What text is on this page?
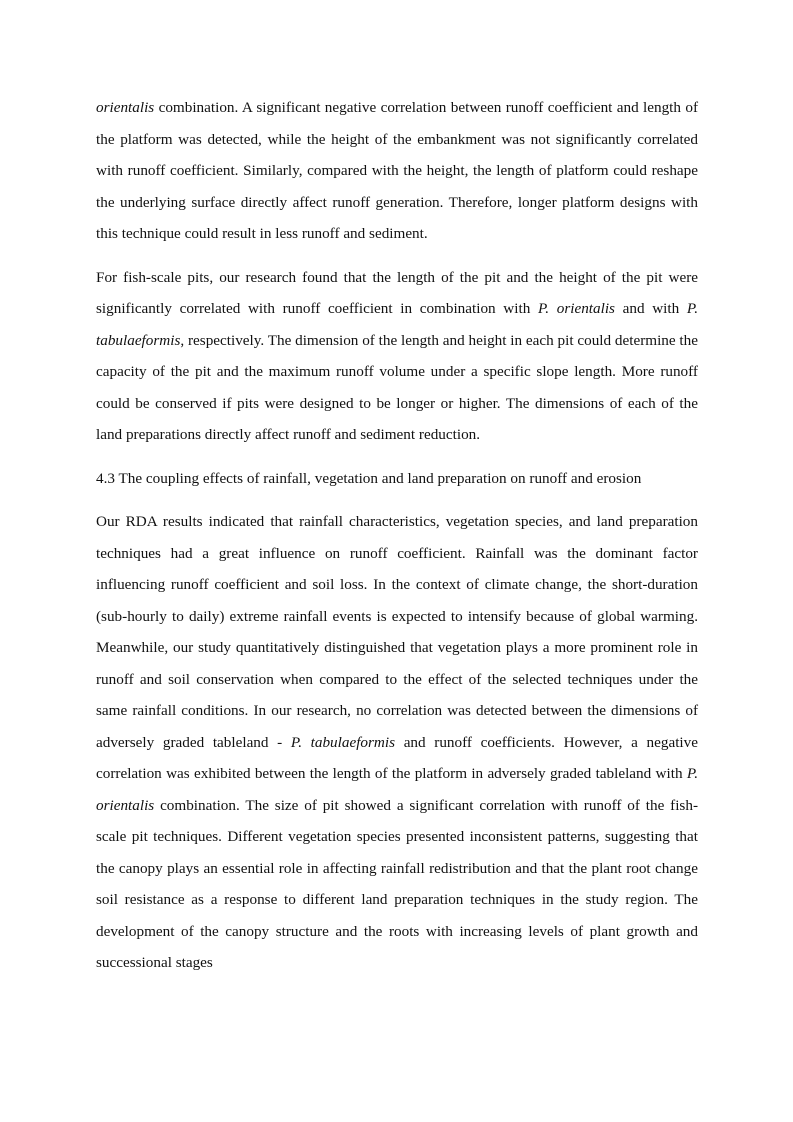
orientalis combination. A significant negative correlation between runoff coefficient and length of the platform was detected, while the height of the embankment was not significantly correlated with runoff coefficient. Similarly, compared with the height, the length of platform could reshape the underlying surface directly affect runoff generation. Therefore, longer platform designs with this technique could result in less runoff and sediment.

For fish-scale pits, our research found that the length of the pit and the height of the pit were significantly correlated with runoff coefficient in combination with P. orientalis and with P. tabulaeformis, respectively. The dimension of the length and height in each pit could determine the capacity of the pit and the maximum runoff volume under a specific slope length. More runoff could be conserved if pits were designed to be longer or higher. The dimensions of each of the land preparations directly affect runoff and sediment reduction.

4.3 The coupling effects of rainfall, vegetation and land preparation on runoff and erosion

Our RDA results indicated that rainfall characteristics, vegetation species, and land preparation techniques had a great influence on runoff coefficient. Rainfall was the dominant factor influencing runoff coefficient and soil loss. In the context of climate change, the short-duration (sub-hourly to daily) extreme rainfall events is expected to intensify because of global warming. Meanwhile, our study quantitatively distinguished that vegetation plays a more prominent role in runoff and soil conservation when compared to the effect of the selected techniques under the same rainfall conditions. In our research, no correlation was detected between the dimensions of adversely graded tableland - P. tabulaeformis and runoff coefficients. However, a negative correlation was exhibited between the length of the platform in adversely graded tableland with P. orientalis combination. The size of pit showed a significant correlation with runoff of the fish-scale pit techniques. Different vegetation species presented inconsistent patterns, suggesting that the canopy plays an essential role in affecting rainfall redistribution and that the plant root change soil resistance as a response to different land preparation techniques in the study region. The development of the canopy structure and the roots with increasing levels of plant growth and successional stages
